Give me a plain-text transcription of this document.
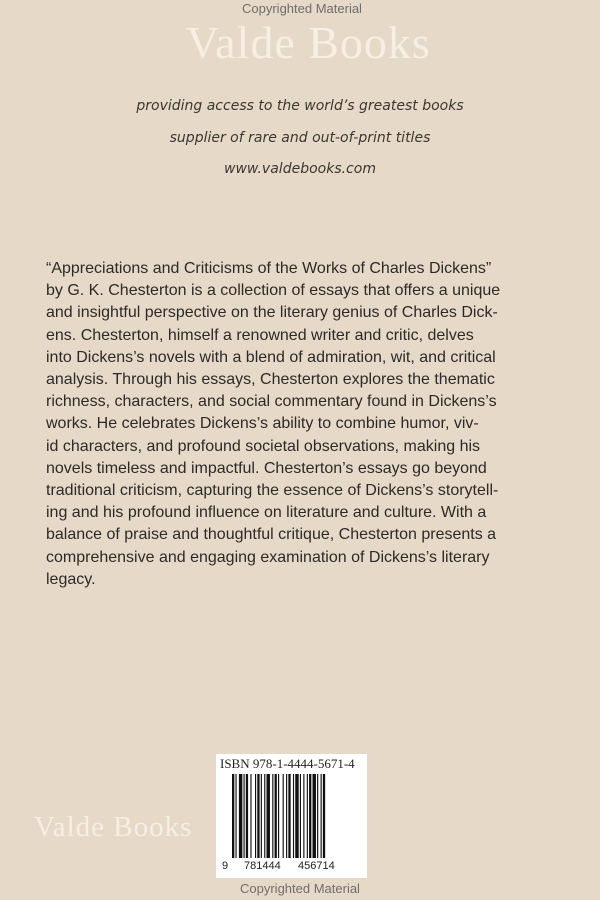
Copyrighted Material
Valde Books
providing access to the world’s greatest books
supplier of rare and out-of-print titles
www.valdebooks.com
“Appreciations and Criticisms of the Works of Charles Dickens”
by G. K. Chesterton is a collection of essays that offers a unique
and insightful perspective on the literary genius of Charles Dick-
ens. Chesterton, himself a renowned writer and critic, delves
into Dickens’s novels with a blend of admiration, wit, and critical
analysis. Through his essays, Chesterton explores the thematic
richness, characters, and social commentary found in Dickens’s
works. He celebrates Dickens’s ability to combine humor, viv-
id characters, and profound societal observations, making his
novels timeless and impactful. Chesterton’s essays go beyond
traditional criticism, capturing the essence of Dickens’s storytell-
ing and his profound influence on literature and culture. With a
balance of praise and thoughtful critique, Chesterton presents a
comprehensive and engaging examination of Dickens’s literary
legacy.
Valde Books
ISBN 978-1-4444-5671-4
9 781444 456714
Copyrighted Material
